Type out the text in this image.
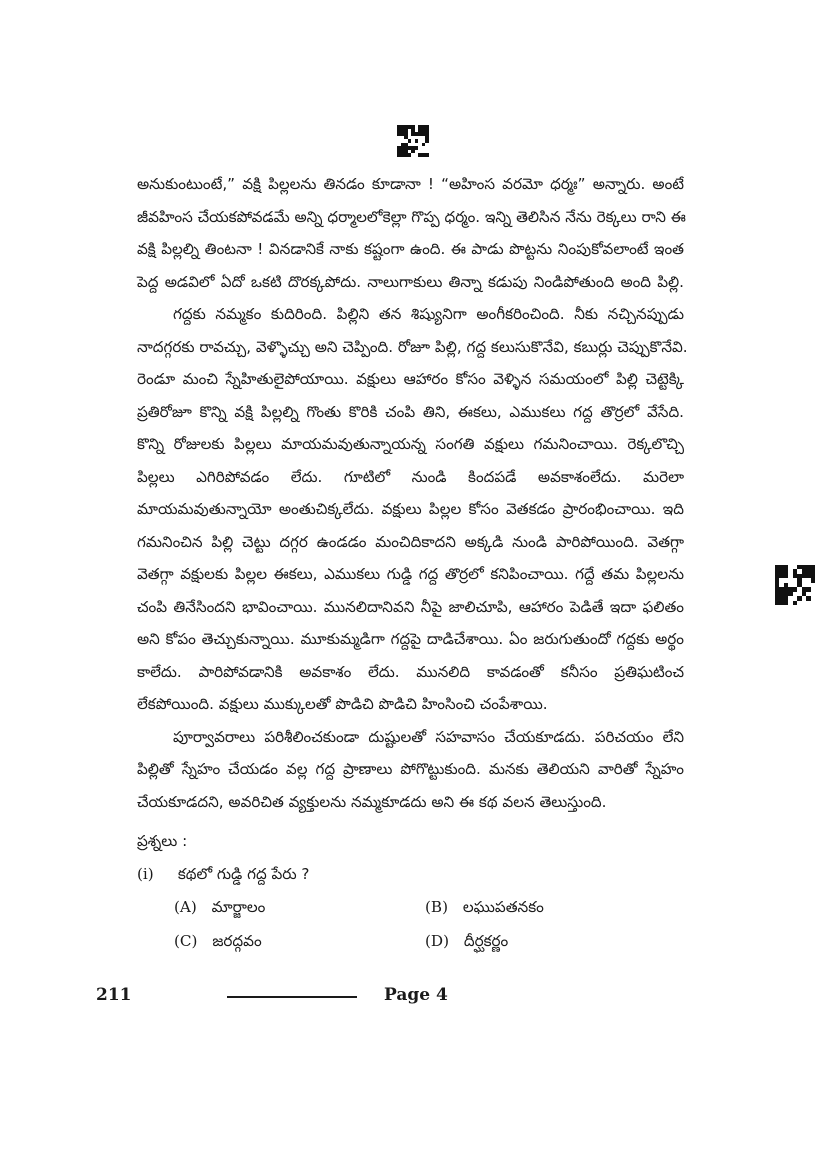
అనుకుంటుంటే,” వక్షి పిల్లలను తినడం కూడానా ! “అహింస వరమో ధర్మః” అన్నారు. అంటే
జీవహింస చేయకపోవడమే అన్ని ధర్మాలలోకెల్లా గొప్ప ధర్మం. ఇన్ని తెలిసిన నేను రెక్కలు రాని ఈ
వక్షి పిల్లల్ని తింటనా ! వినడానికే నాకు కష్టంగా ఉంది. ఈ పాడు పొట్టను నింపుకోవలాంటే ఇంత
పెద్ద అడవిలో ఏదో ఒకటి దొరక్కపోదు. నాలుగాకులు తిన్నా కడుపు నిండిపోతుంది అంది పిల్లి.

గద్దకు నమ్మకం కుదిరింది. పిల్లిని తన శిష్యునిగా అంగీకరించింది. నీకు నచ్చినప్పుడు
నాదగ్గరకు రావచ్చు, వెళ్ళొచ్చు అని చెప్పింది. రోజూ పిల్లి, గద్ద కలుసుకొనేవి, కబుర్లు చెప్పుకొనేవి.
రెండూ మంచి స్నేహితులైపోయాయి. వక్షులు ఆహారం కోసం వెళ్ళిన సమయంలో పిల్లి చెట్టెక్కి
ప్రతిరోజూ కొన్ని వక్షి పిల్లల్ని గొంతు కొరికి చంపి తిని, ఈకలు, ఎముకలు గద్ద తొర్రలో వేసేది.
కొన్ని రోజులకు పిల్లలు మాయమవుతున్నాయన్న సంగతి వక్షులు గమనించాయి. రెక్కలొచ్చి
పిల్లలు ఎగిరిపోవడం లేదు. గూటిలో నుండి కిందపడే అవకాశంలేదు. మరెలా
మాయమవుతున్నాయో అంతుచిక్కలేదు. వక్షులు పిల్లల కోసం వెతకడం ప్రారంభించాయి. ఇది
గమనించిన పిల్లి చెట్టు దగ్గర ఉండడం మంచిదికాదని అక్కడి నుండి పారిపోయింది. వెతగ్గా
వెతగ్గా వక్షులకు పిల్లల ఈకలు, ఎముకలు గుడ్డి గద్ద తొర్రలో కనిపించాయి. గద్దే తమ పిల్లలను
చంపి తినేసిందని భావించాయి. మునలిదానివని నీపై జాలిచూపి, ఆహారం పెడితే ఇదా ఫలితం
అని కోపం తెచ్చుకున్నాయి. మూకుమ్మడిగా గద్దపై దాడిచేశాయి. ఏం జరుగుతుందో గద్దకు అర్థం
కాలేదు. పారిపోవడానికి అవకాశం లేదు. మునలిది కావడంతో కనీసం ప్రతిఘటించ
లేకపోయింది. వక్షులు ముక్కులతో పొడిచి పొడిచి హింసించి చంపేశాయి.

పూర్వావరాలు పరిశీలించకుండా దుష్టులతో సహవాసం చేయకూడదు. పరిచయం లేని
పిల్లితో స్నేహం చేయడం వల్ల గద్ద ప్రాణాలు పోగొట్టుకుంది. మనకు తెలియని వారితో స్నేహం
చేయకూడదని, అవరిచిత వ్యక్తులను నమ్మకూడదు అని ఈ కథ వలన తెలుస్తుంది.

ప్రశ్నలు :
(i) కథలో గుడ్డి గద్ద పేరు ?
(A) మార్జాలం	(B) లఘుపతనకం
(C) జరద్గవం	(D) దీర్ఘకర్ణం
211	Page 4
